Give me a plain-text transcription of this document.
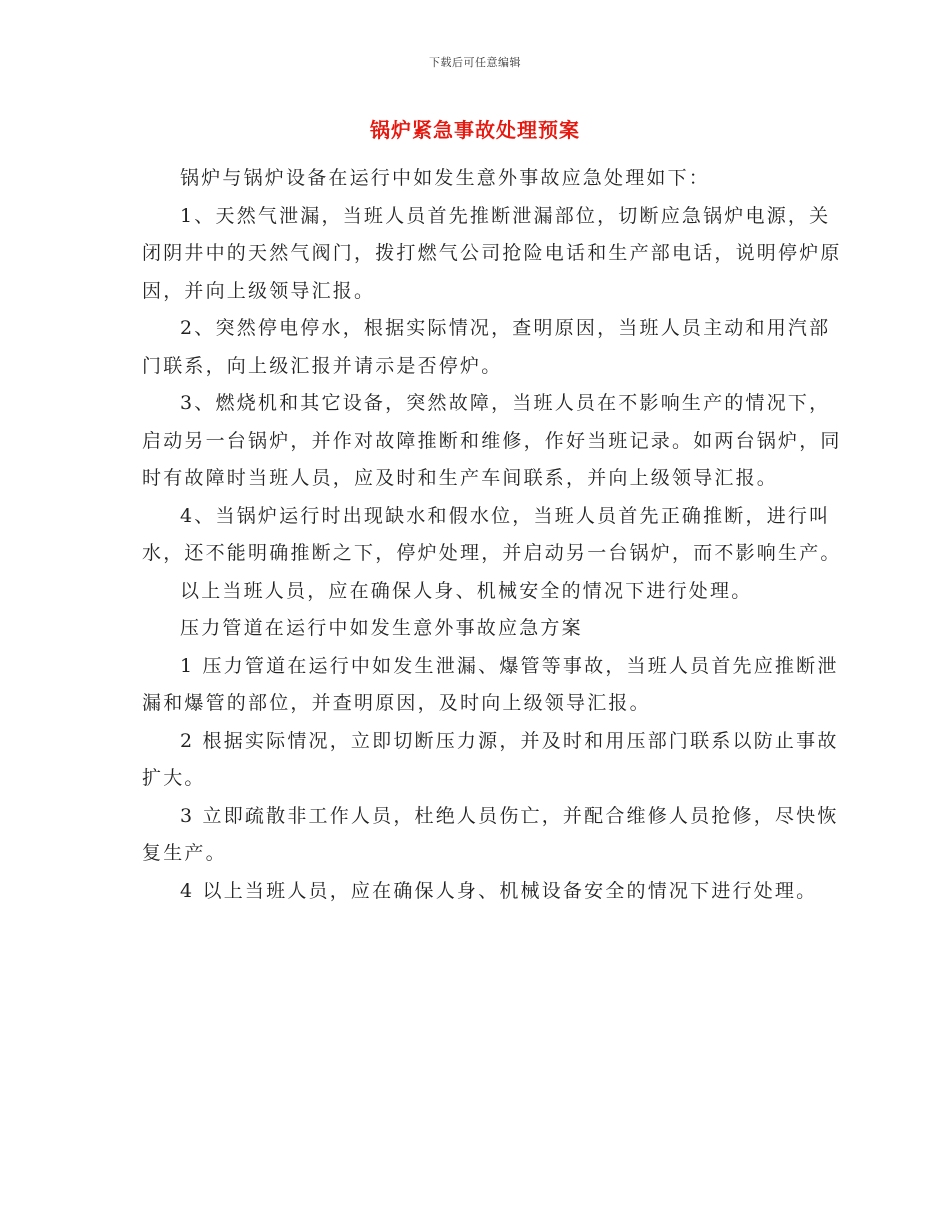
下载后可任意编辑
锅炉紧急事故处理预案

锅炉与锅炉设备在运行中如发生意外事故应急处理如下：

1、天然气泄漏，当班人员首先推断泄漏部位，切断应急锅炉电源，关闭阴井中的天然气阀门，拨打燃气公司抢险电话和生产部电话，说明停炉原因，并向上级领导汇报。

2、突然停电停水，根据实际情况，查明原因，当班人员主动和用汽部门联系，向上级汇报并请示是否停炉。

3、燃烧机和其它设备，突然故障，当班人员在不影响生产的情况下，启动另一台锅炉，并作对故障推断和维修，作好当班记录。如两台锅炉，同时有故障时当班人员，应及时和生产车间联系，并向上级领导汇报。

4、当锅炉运行时出现缺水和假水位，当班人员首先正确推断，进行叫水，还不能明确推断之下，停炉处理，并启动另一台锅炉，而不影响生产。

以上当班人员，应在确保人身、机械安全的情况下进行处理。

压力管道在运行中如发生意外事故应急方案

1 压力管道在运行中如发生泄漏、爆管等事故，当班人员首先应推断泄漏和爆管的部位，并查明原因，及时向上级领导汇报。

2 根据实际情况，立即切断压力源，并及时和用压部门联系以防止事故扩大。

3 立即疏散非工作人员，杜绝人员伤亡，并配合维修人员抢修，尽快恢复生产。

4 以上当班人员，应在确保人身、机械设备安全的情况下进行处理。
